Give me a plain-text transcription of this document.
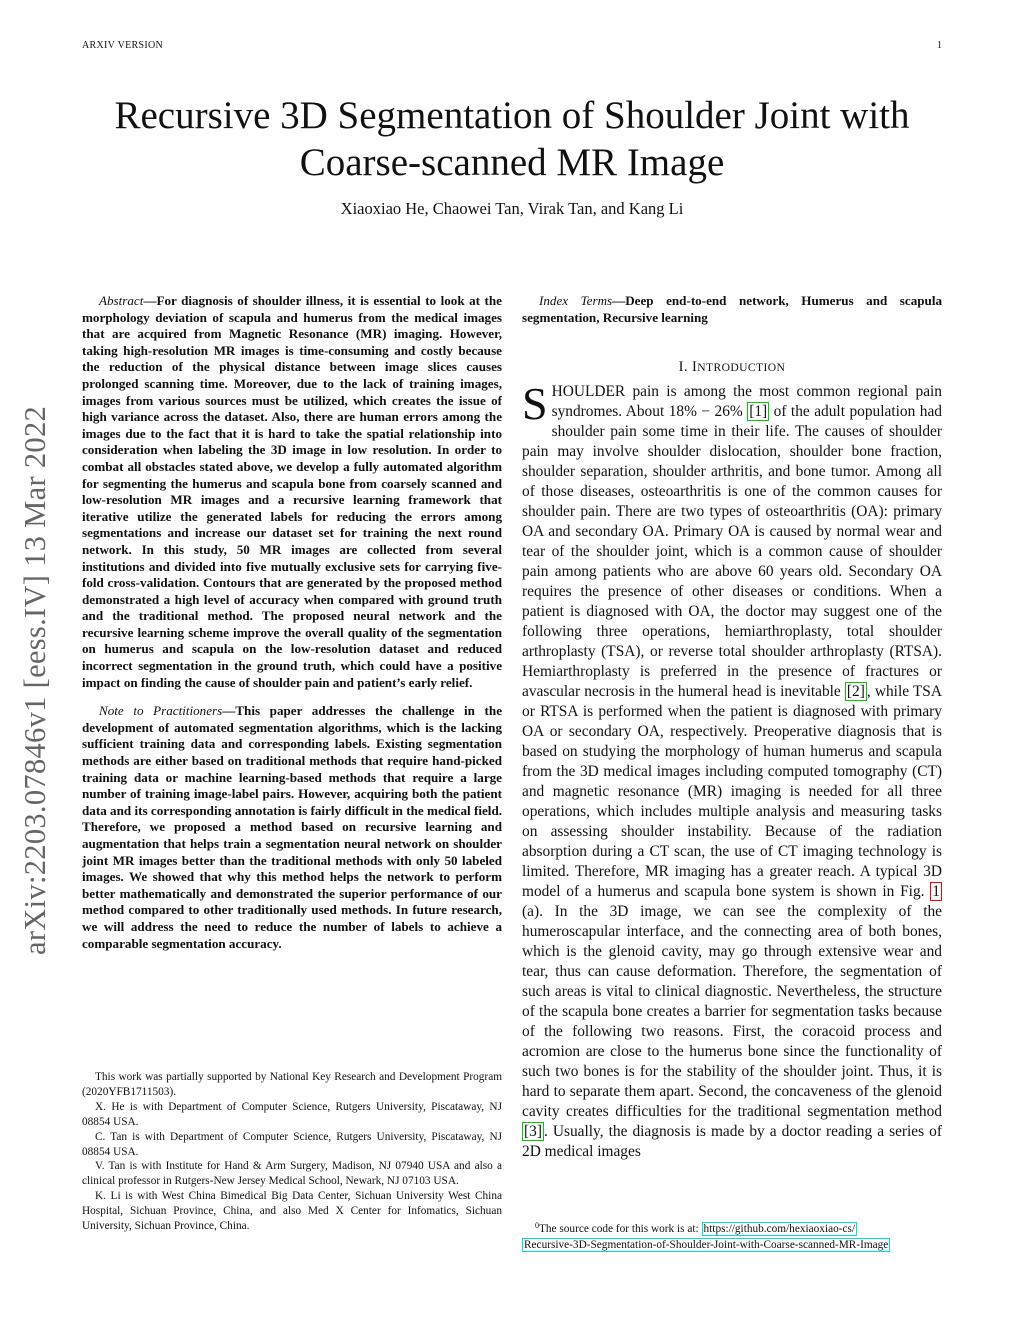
ARXIV VERSION	1
Recursive 3D Segmentation of Shoulder Joint with Coarse-scanned MR Image
Xiaoxiao He, Chaowei Tan, Virak Tan, and Kang Li
arXiv:2203.07846v1 [eess.IV] 13 Mar 2022

Abstract—For diagnosis of shoulder illness, it is essential to look at the morphology deviation of scapula and humerus from the medical images that are acquired from Magnetic Resonance (MR) imaging. However, taking high-resolution MR images is time-consuming and costly because the reduction of the physical distance between image slices causes prolonged scanning time. Moreover, due to the lack of training images, images from various sources must be utilized, which creates the issue of high variance across the dataset. Also, there are human errors among the images due to the fact that it is hard to take the spatial relationship into consideration when labeling the 3D image in low resolution. In order to combat all obstacles stated above, we develop a fully automated algorithm for segmenting the humerus and scapula bone from coarsely scanned and low-resolution MR images and a recursive learning framework that iterative utilize the generated labels for reducing the errors among segmentations and increase our dataset set for training the next round network. In this study, 50 MR images are collected from several institutions and divided into five mutually exclusive sets for carrying five-fold cross-validation. Contours that are generated by the proposed method demonstrated a high level of accuracy when compared with ground truth and the traditional method. The proposed neural network and the recursive learning scheme improve the overall quality of the segmentation on humerus and scapula on the low-resolution dataset and reduced incorrect segmentation in the ground truth, which could have a positive impact on finding the cause of shoulder pain and patient’s early relief.

Note to Practitioners—This paper addresses the challenge in the development of automated segmentation algorithms, which is the lacking sufficient training data and corresponding labels. Existing segmentation methods are either based on traditional methods that require hand-picked training data or machine learning-based methods that require a large number of training image-label pairs. However, acquiring both the patient data and its corresponding annotation is fairly difficult in the medical field. Therefore, we proposed a method based on recursive learning and augmentation that helps train a segmentation neural network on shoulder joint MR images better than the traditional methods with only 50 labeled images. We showed that why this method helps the network to perform better mathematically and demonstrated the superior performance of our method compared to other traditionally used methods. In future research, we will address the need to reduce the number of labels to achieve a comparable segmentation accuracy.

This work was partially supported by National Key Research and Development Program (2020YFB1711503).

X. He is with Department of Computer Science, Rutgers University, Piscataway, NJ 08854 USA.

C. Tan is with Department of Computer Science, Rutgers University, Piscataway, NJ 08854 USA.

V. Tan is with Institute for Hand & Arm Surgery, Madison, NJ 07940 USA and also a clinical professor in Rutgers-New Jersey Medical School, Newark, NJ 07103 USA.

K. Li is with West China Bimedical Big Data Center, Sichuan University West China Hospital, Sichuan Province, China, and also Med X Center for Infomatics, Sichuan University, Sichuan Province, China.

Index Terms—Deep end-to-end network, Humerus and scapula segmentation, Recursive learning

I. INTRODUCTION

SHOULDER pain is among the most common regional pain syndromes. About 18% − 26% [1] of the adult population had shoulder pain some time in their life. The causes of shoulder pain may involve shoulder dislocation, shoulder bone fraction, shoulder separation, shoulder arthritis, and bone tumor. Among all of those diseases, osteoarthritis is one of the common causes for shoulder pain. There are two types of osteoarthritis (OA): primary OA and secondary OA. Primary OA is caused by normal wear and tear of the shoulder joint, which is a common cause of shoulder pain among patients who are above 60 years old. Secondary OA requires the presence of other diseases or conditions. When a patient is diagnosed with OA, the doctor may suggest one of the following three operations, hemiarthroplasty, total shoulder arthroplasty (TSA), or reverse total shoulder arthroplasty (RTSA). Hemiarthroplasty is preferred in the presence of fractures or avascular necrosis in the humeral head is inevitable [2] , while TSA or RTSA is performed when the patient is diagnosed with primary OA or secondary OA, respectively. Preoperative diagnosis that is based on studying the morphology of human humerus and scapula from the 3D medical images including computed tomography (CT) and magnetic resonance (MR) imaging is needed for all three operations, which includes multiple analysis and measuring tasks on assessing shoulder instability. Because of the radiation absorption during a CT scan, the use of CT imaging technology is limited. Therefore, MR imaging has a greater reach. A typical 3D model of a humerus and scapula bone system is shown in Fig. 1 (a). In the 3D image, we can see the complexity of the humeroscapular interface, and the connecting area of both bones, which is the glenoid cavity, may go through extensive wear and tear, thus can cause deformation. Therefore, the segmentation of such areas is vital to clinical diagnostic. Nevertheless, the structure of the scapula bone creates a barrier for segmentation tasks because of the following two reasons. First, the coracoid process and acromion are close to the humerus bone since the functionality of such two bones is for the stability of the shoulder joint. Thus, it is hard to separate them apart. Second, the concaveness of the glenoid cavity creates difficulties for the traditional segmentation method [3] . Usually, the diagnosis is made by a doctor reading a series of 2D medical images

$^0$The source code for this work is at: https://github.com/hexiaoxiao-cs/
Recursive-3D-Segmentation-of-Shoulder-Joint-with-Coarse-scanned-MR-Image
